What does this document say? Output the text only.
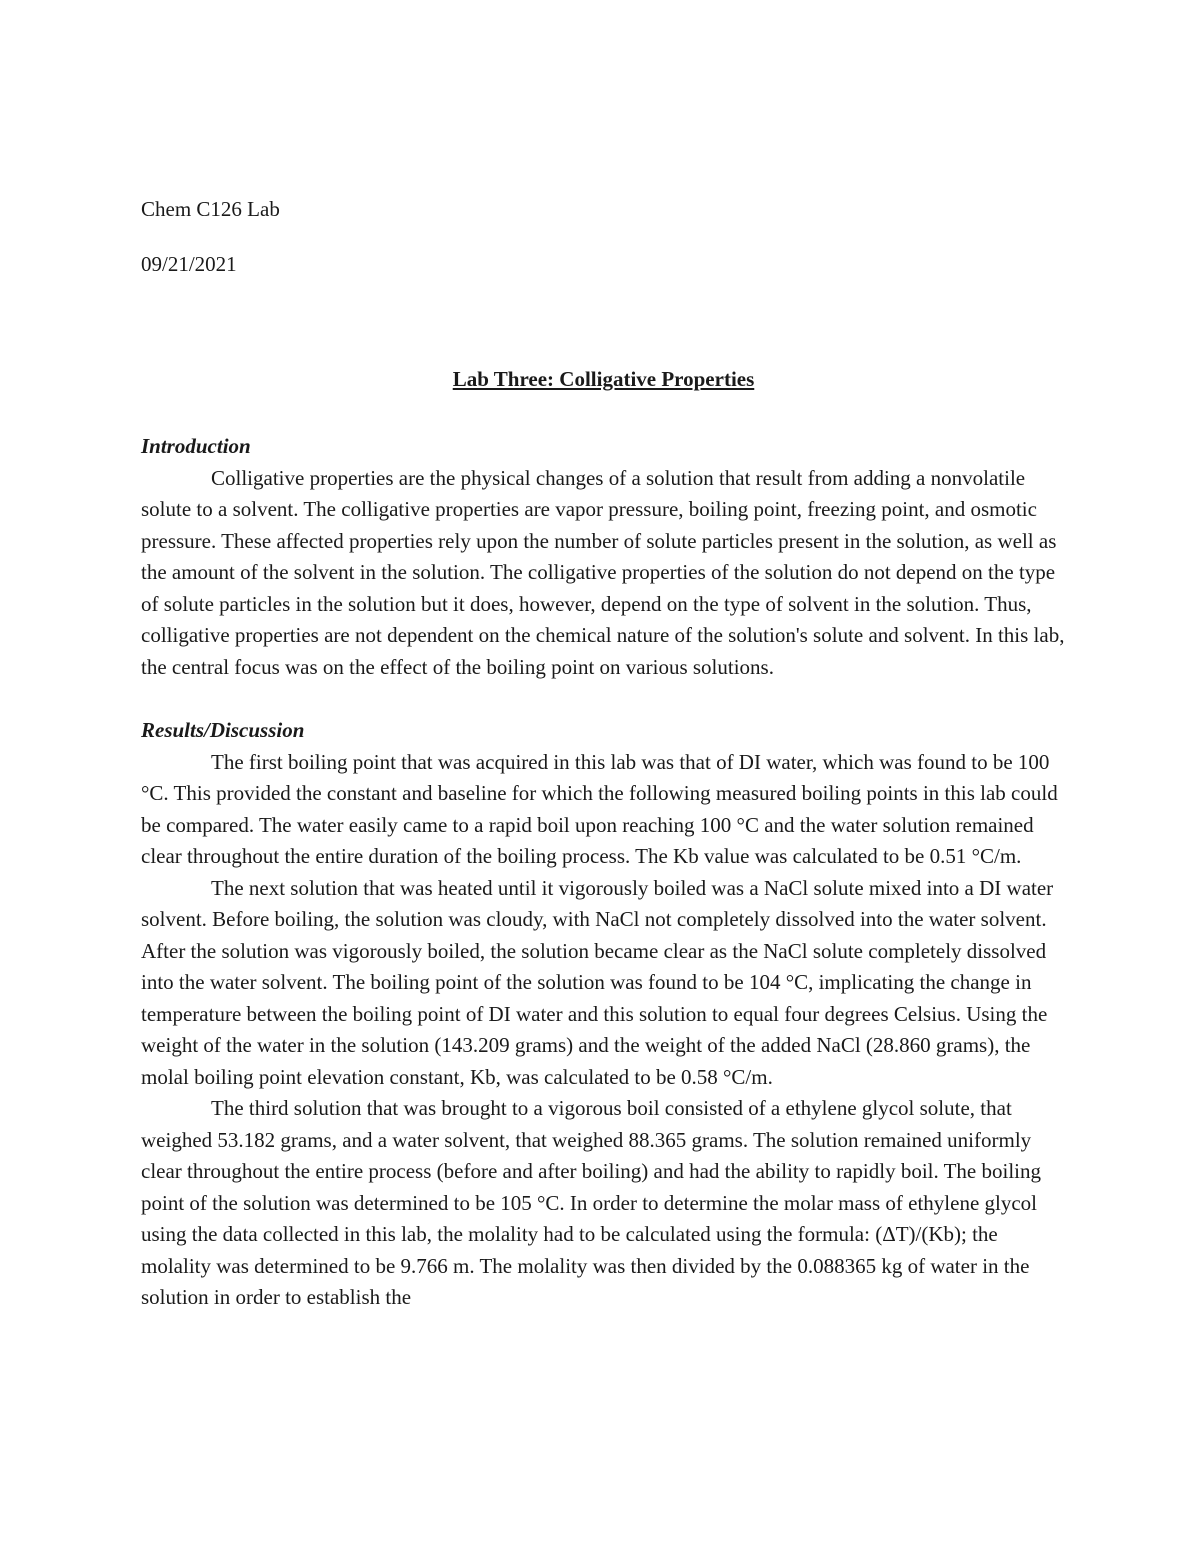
Chem C126 Lab

09/21/2021

Lab Three: Colligative Properties
Introduction

Colligative properties are the physical changes of a solution that result from adding a nonvolatile solute to a solvent. The colligative properties are vapor pressure, boiling point, freezing point, and osmotic pressure. These affected properties rely upon the number of solute particles present in the solution, as well as the amount of the solvent in the solution. The colligative properties of the solution do not depend on the type of solute particles in the solution but it does, however, depend on the type of solvent in the solution. Thus, colligative properties are not dependent on the chemical nature of the solution's solute and solvent. In this lab, the central focus was on the effect of the boiling point on various solutions.

Results/Discussion

The first boiling point that was acquired in this lab was that of DI water, which was found to be 100 °C. This provided the constant and baseline for which the following measured boiling points in this lab could be compared. The water easily came to a rapid boil upon reaching 100 °C and the water solution remained clear throughout the entire duration of the boiling process. The Kb value was calculated to be 0.51 °C/m.

The next solution that was heated until it vigorously boiled was a NaCl solute mixed into a DI water solvent. Before boiling, the solution was cloudy, with NaCl not completely dissolved into the water solvent. After the solution was vigorously boiled, the solution became clear as the NaCl solute completely dissolved into the water solvent. The boiling point of the solution was found to be 104 °C, implicating the change in temperature between the boiling point of DI water and this solution to equal four degrees Celsius. Using the weight of the water in the solution (143.209 grams) and the weight of the added NaCl (28.860 grams), the molal boiling point elevation constant, Kb, was calculated to be 0.58 °C/m.

The third solution that was brought to a vigorous boil consisted of a ethylene glycol solute, that weighed 53.182 grams, and a water solvent, that weighed 88.365 grams. The solution remained uniformly clear throughout the entire process (before and after boiling) and had the ability to rapidly boil. The boiling point of the solution was determined to be 105 °C. In order to determine the molar mass of ethylene glycol using the data collected in this lab, the molality had to be calculated using the formula: (ΔT)/(Kb); the molality was determined to be 9.766 m. The molality was then divided by the 0.088365 kg of water in the solution in order to establish the
